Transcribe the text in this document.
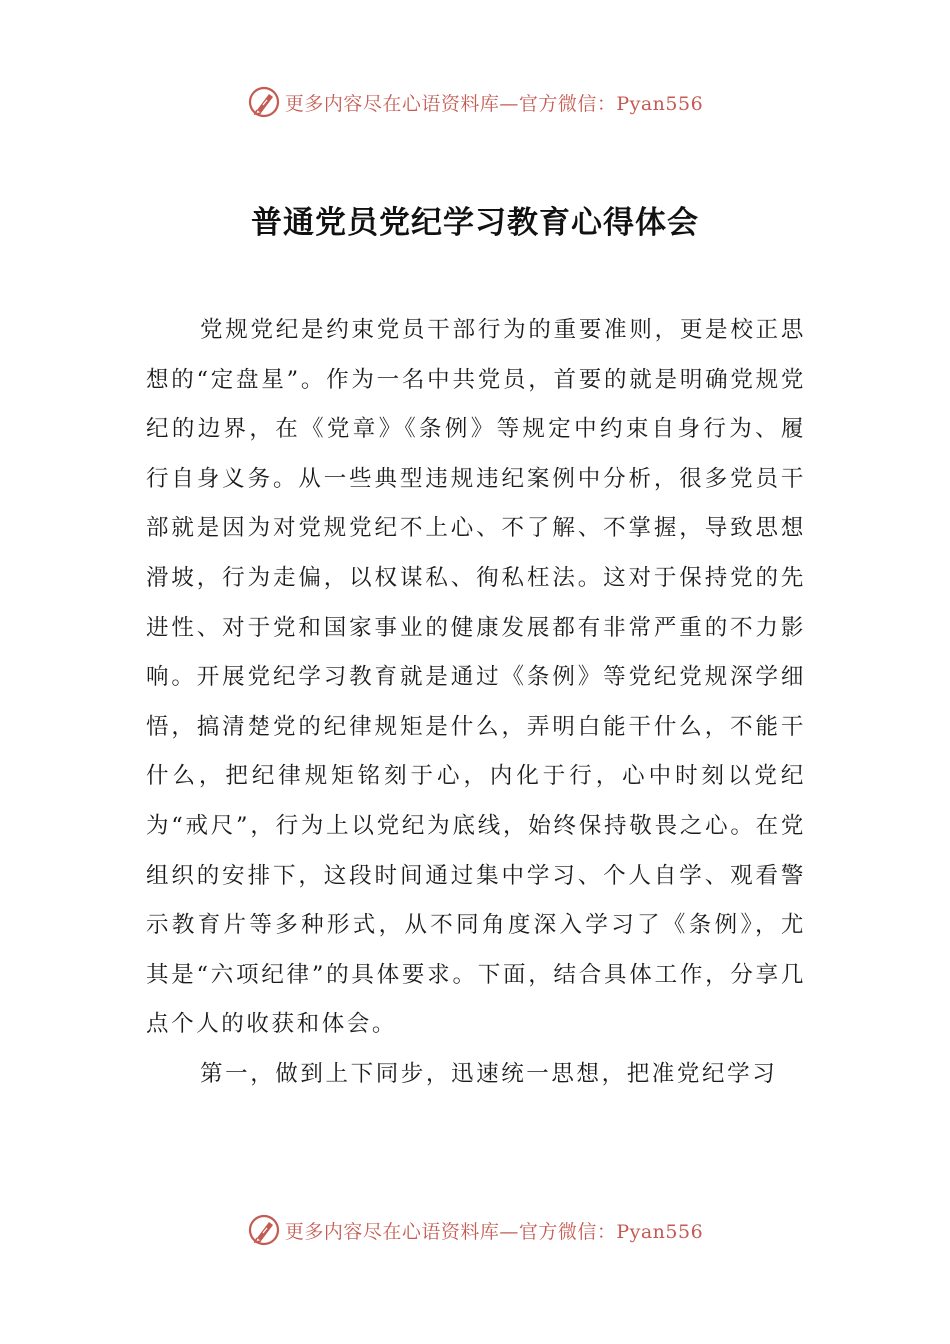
更多内容尽在心语资料库—官方微信：Pyan556
普通党员党纪学习教育心得体会

党规党纪是约束党员干部行为的重要准则，更是校正思想的“定盘星”。作为一名中共党员，首要的就是明确党规党纪的边界，在《党章》《条例》等规定中约束自身行为、履行自身义务。从一些典型违规违纪案例中分析，很多党员干部就是因为对党规党纪不上心、不了解、不掌握，导致思想滑坡，行为走偏，以权谋私、徇私枉法。这对于保持党的先进性、对于党和国家事业的健康发展都有非常严重的不力影响。开展党纪学习教育就是通过《条例》等党纪党规深学细悟，搞清楚党的纪律规矩是什么，弄明白能干什么，不能干什么，把纪律规矩铭刻于心，内化于行，心中时刻以党纪为“戒尺”，行为上以党纪为底线，始终保持敬畏之心。在党组织的安排下，这段时间通过集中学习、个人自学、观看警示教育片等多种形式，从不同角度深入学习了《条例》，尤其是“六项纪律”的具体要求。下面，结合具体工作，分享几点个人的收获和体会。

第一，做到上下同步，迅速统一思想，把准党纪学习

更多内容尽在心语资料库—官方微信：Pyan556
